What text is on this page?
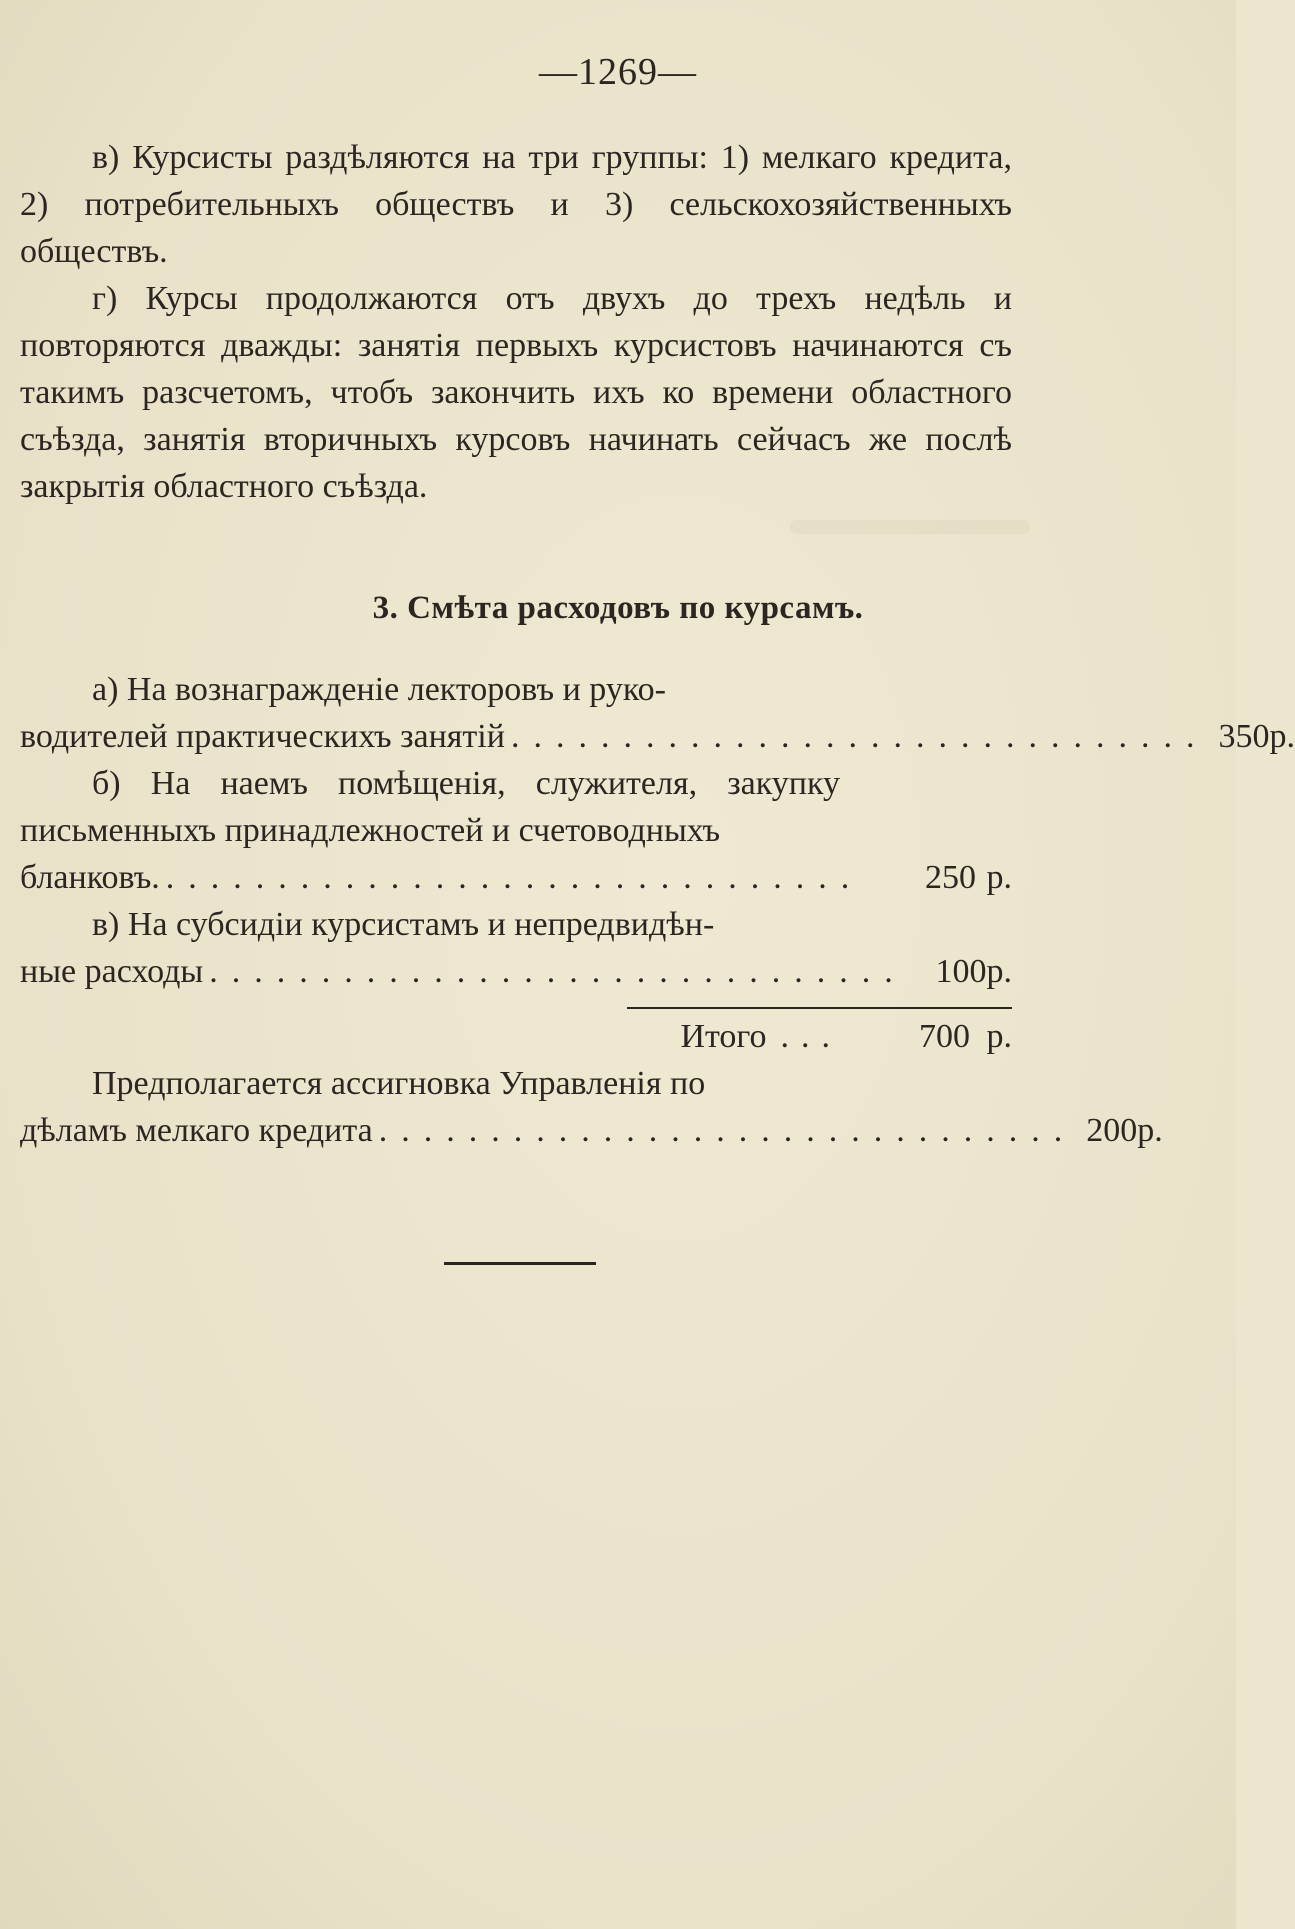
—1269—

в) Курсисты раздѣляются на три группы: 1) мелкаго кредита, 2) потребительныхъ обществъ и 3) сельскохозяйственныхъ обществъ.

г) Курсы продолжаются отъ двухъ до трехъ недѣль и повторяются дважды: занятія первыхъ курсистовъ начинаются съ такимъ разсчетомъ, чтобъ закончить ихъ ко времени областного съѣзда, занятія вторичныхъ курсовъ начинать сейчасъ же послѣ закрытія областного съѣзда.

3. Смѣта расходовъ по курсамъ.
а) На вознагражденіе лекторовъ и руко-
водителей практическихъ занятій ............................... 350 р.
б) На наемъ помѣщенія, служителя, закупку письменныхъ принадлежностей и счетоводныхъ
бланковъ. ...............................	250 р.
в) На субсидіи курсистамъ и непредвидѣн-
ные расходы ............................... 100 р.
Итого ...	700 р.
Предполагается ассигновка Управленія по
дѣламъ мелкаго кредита ............................... 200 р.
